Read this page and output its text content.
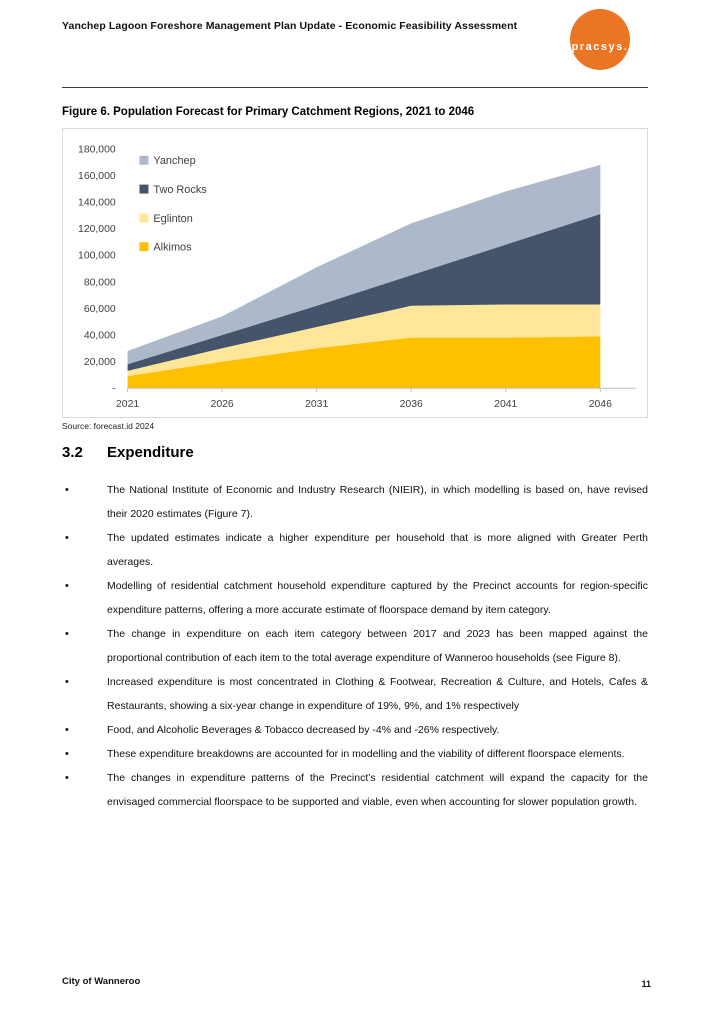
Yanchep Lagoon Foreshore Management Plan Update - Economic Feasibility Assessment
pracsys.
Figure 6. Population Forecast for Primary Catchment Regions, 2021 to 2046
-
20,000
40,000
60,000
80,000
100,000
120,000
140,000
160,000
180,000
2021	2026	2031	2036	2041	2046
Yanchep
Two Rocks
Eglinton
Alkimos
Source: forecast.id 2024
3.2 Expenditure
•	The National Institute of Economic and Industry Research (NIEIR), in which modelling is based on, have revised their 2020 estimates (Figure 7).
•	The updated estimates indicate a higher expenditure per household that is more aligned with Greater Perth averages.
•	Modelling of residential catchment household expenditure captured by the Precinct accounts for region-specific expenditure patterns, offering a more accurate estimate of floorspace demand by item category.
•	The change in expenditure on each item category between 2017 and 2023 has been mapped against the proportional contribution of each item to the total average expenditure of Wanneroo households (see Figure 8).
•	Increased expenditure is most concentrated in Clothing & Footwear, Recreation & Culture, and Hotels, Cafes & Restaurants, showing a six-year change in expenditure of 19%, 9%, and 1% respectively
•	Food, and Alcoholic Beverages & Tobacco decreased by -4% and -26% respectively.
•	These expenditure breakdowns are accounted for in modelling and the viability of different floorspace elements.
•	The changes in expenditure patterns of the Precinct’s residential catchment will expand the capacity for the envisaged commercial floorspace to be supported and viable, even when accounting for slower population growth.
City of Wanneroo	11
